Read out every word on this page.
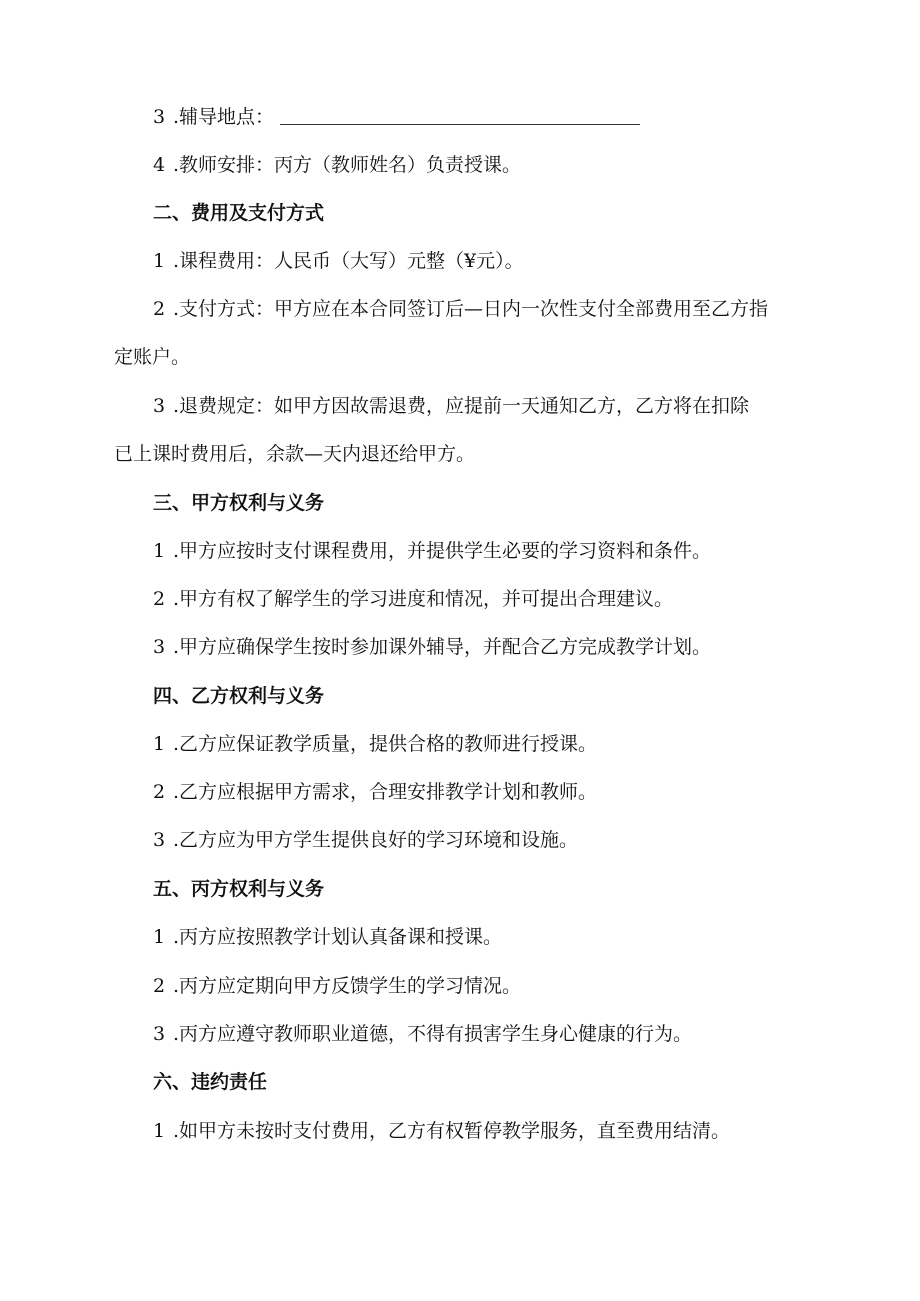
3 .辅导地点：
4 .教师安排：丙方（教师姓名）负责授课。
二、费用及支付方式
1 .课程费用：人民币（大写）元整（¥元）。
2 .支付方式：甲方应在本合同签订后—日内一次性支付全部费用至乙方指
定账户。
3 .退费规定：如甲方因故需退费，应提前一天通知乙方，乙方将在扣除
已上课时费用后，余款—天内退还给甲方。
三、甲方权利与义务
1 .甲方应按时支付课程费用，并提供学生必要的学习资料和条件。
2 .甲方有权了解学生的学习进度和情况，并可提出合理建议。
3 .甲方应确保学生按时参加课外辅导，并配合乙方完成教学计划。
四、乙方权利与义务
1 .乙方应保证教学质量，提供合格的教师进行授课。
2 .乙方应根据甲方需求，合理安排教学计划和教师。
3 .乙方应为甲方学生提供良好的学习环境和设施。
五、丙方权利与义务
1 .丙方应按照教学计划认真备课和授课。
2 .丙方应定期向甲方反馈学生的学习情况。
3 .丙方应遵守教师职业道德，不得有损害学生身心健康的行为。
六、违约责任
1 .如甲方未按时支付费用，乙方有权暂停教学服务，直至费用结清。
